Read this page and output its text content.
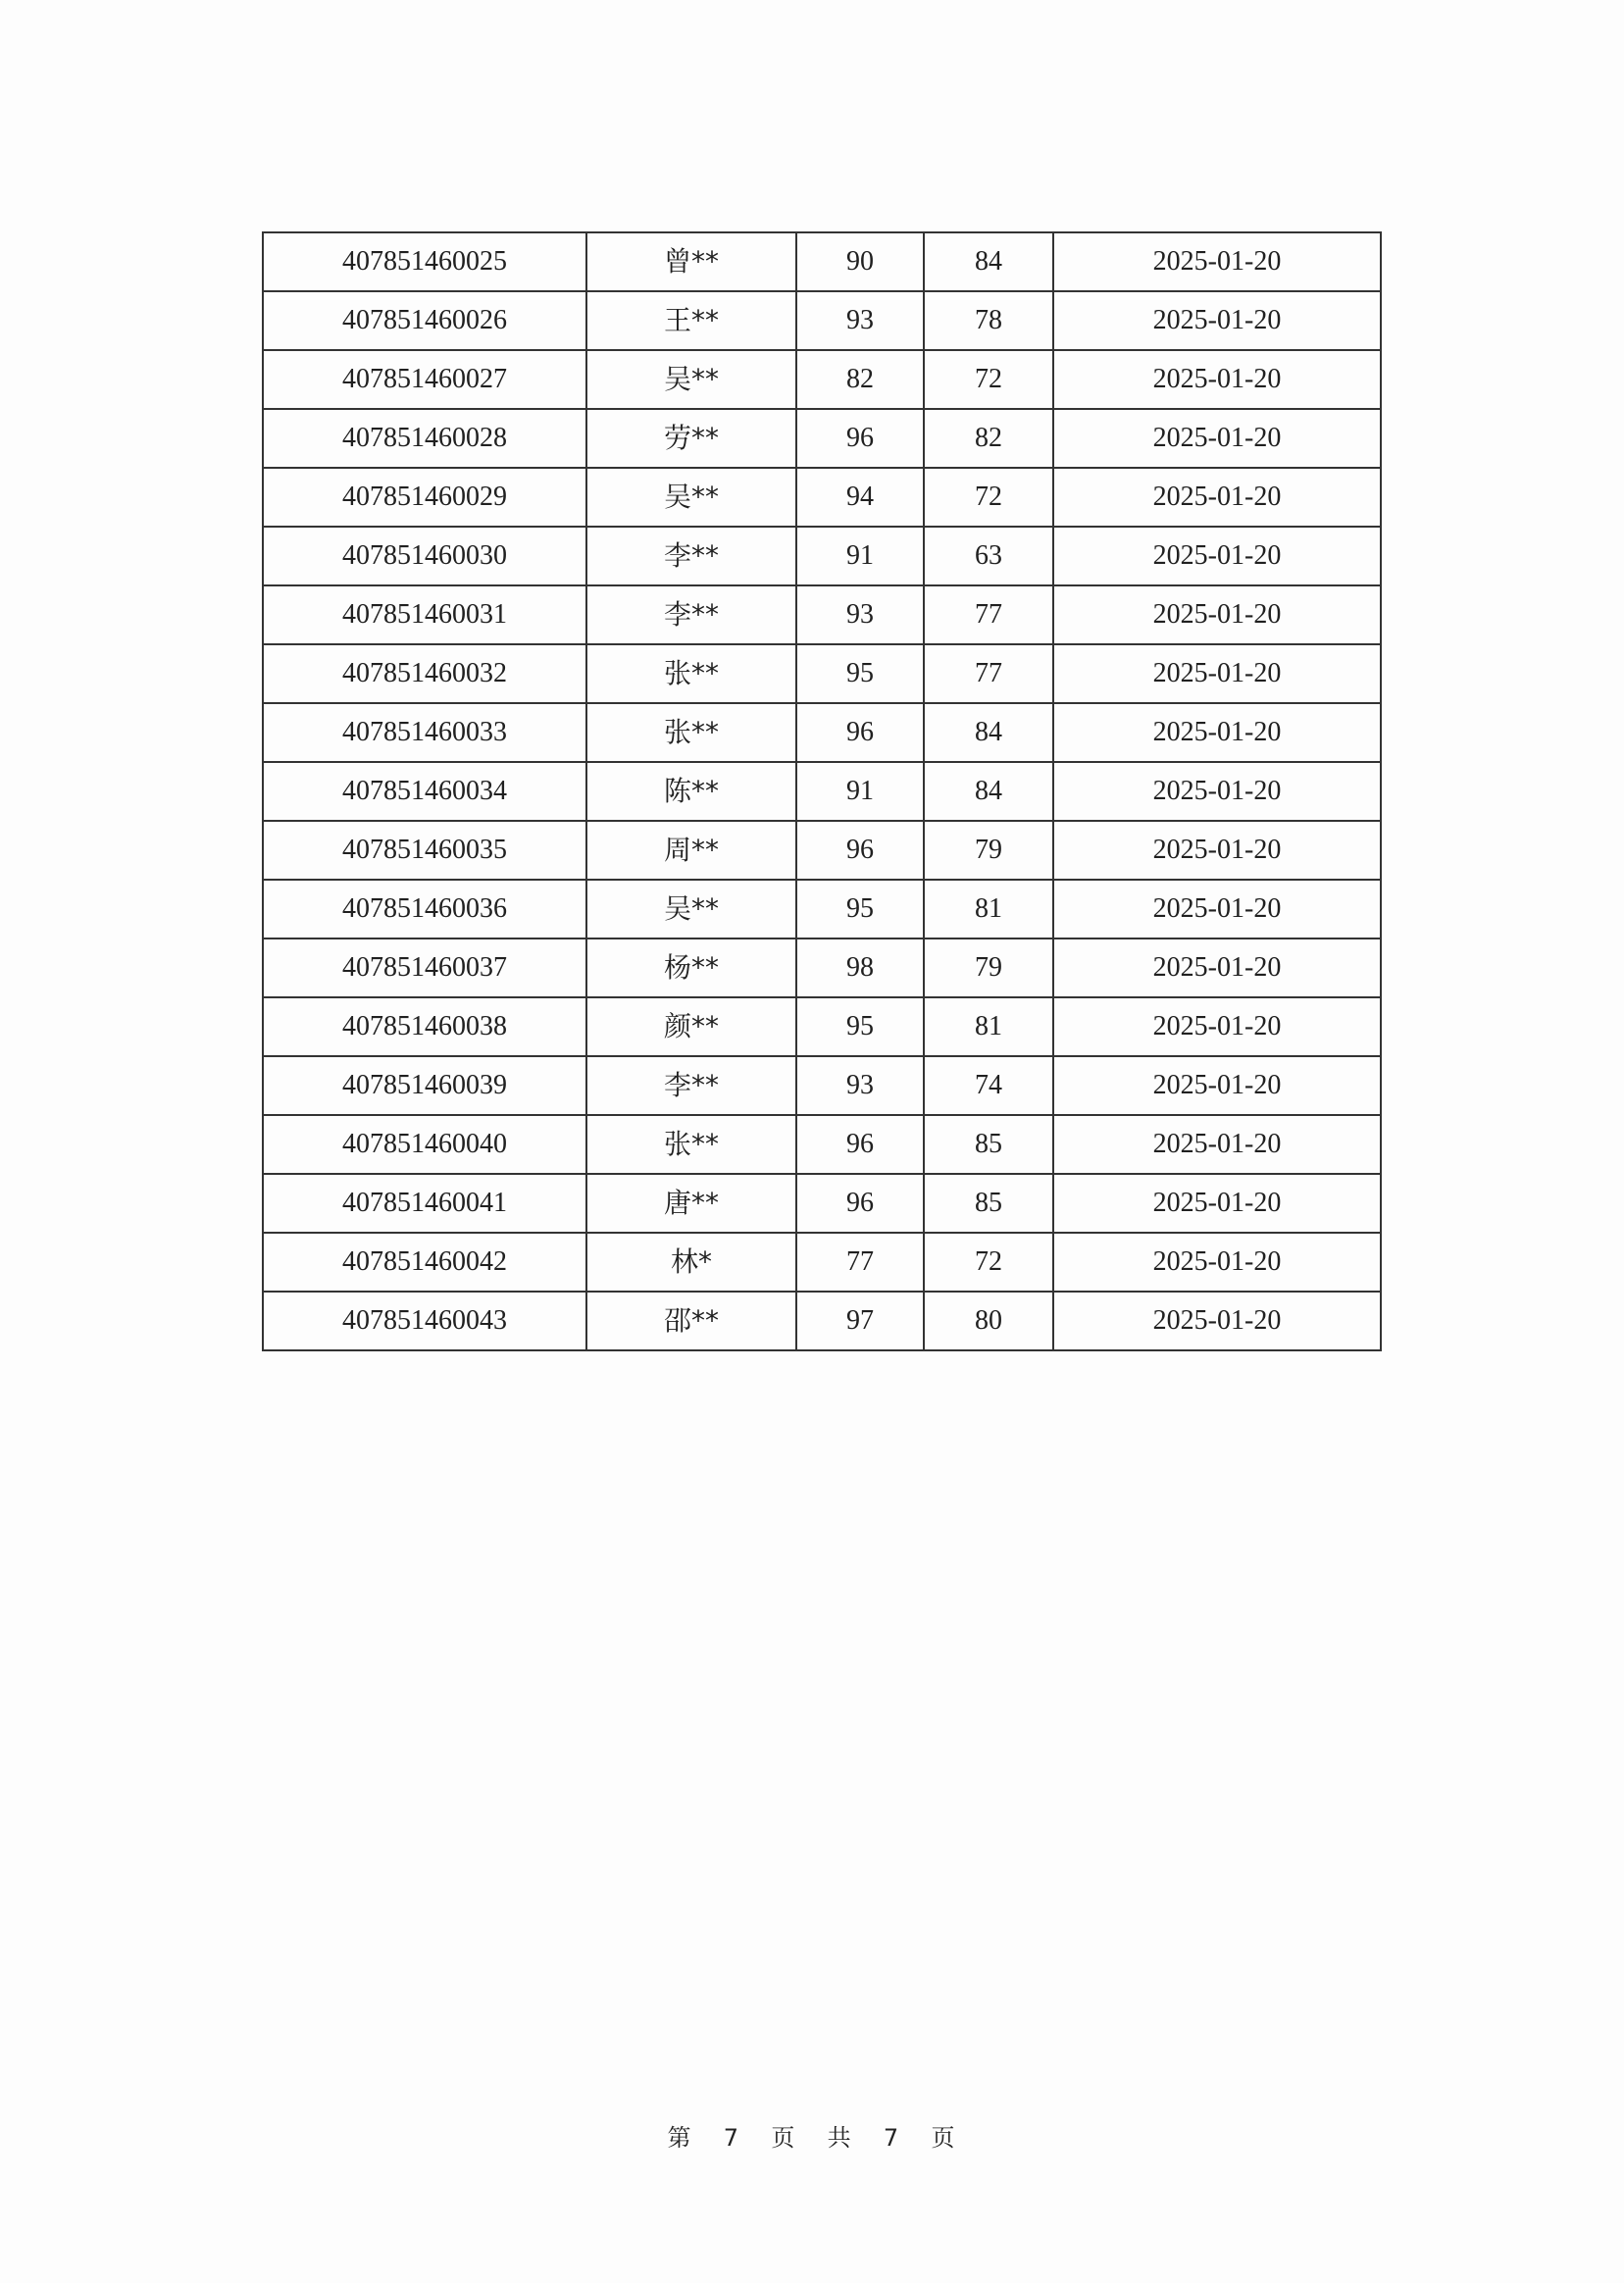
407851460025	曾**	90	84	2025-01-20
407851460026	王**	93	78	2025-01-20
407851460027	吴**	82	72	2025-01-20
407851460028	劳**	96	82	2025-01-20
407851460029	吴**	94	72	2025-01-20
407851460030	李**	91	63	2025-01-20
407851460031	李**	93	77	2025-01-20
407851460032	张**	95	77	2025-01-20
407851460033	张**	96	84	2025-01-20
407851460034	陈**	91	84	2025-01-20
407851460035	周**	96	79	2025-01-20
407851460036	吴**	95	81	2025-01-20
407851460037	杨**	98	79	2025-01-20
407851460038	颜**	95	81	2025-01-20
407851460039	李**	93	74	2025-01-20
407851460040	张**	96	85	2025-01-20
407851460041	唐**	96	85	2025-01-20
407851460042	林*	77	72	2025-01-20
407851460043	邵**	97	80	2025-01-20
第 7 页 共 7 页
